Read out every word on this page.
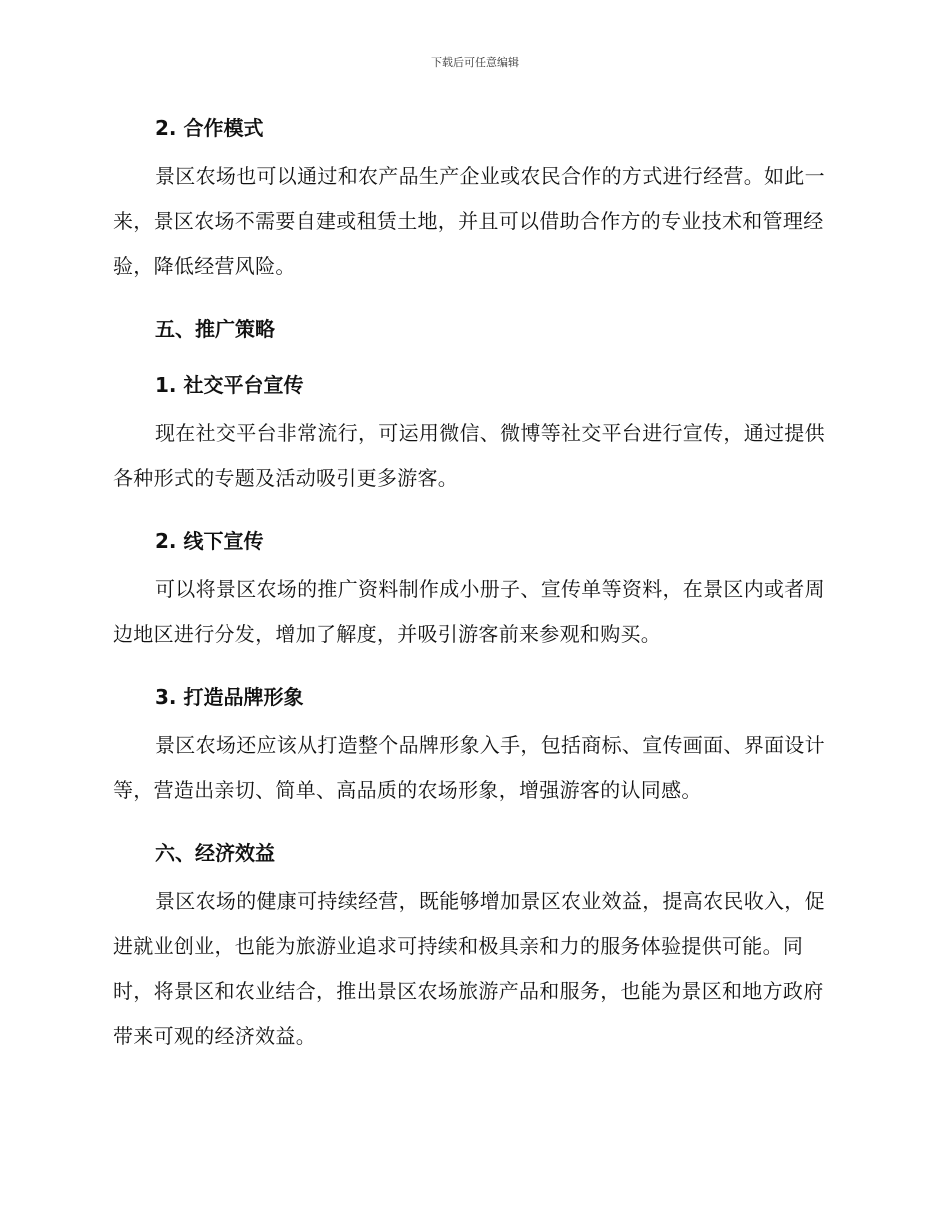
下载后可任意编辑
2. 合作模式

景区农场也可以通过和农产品生产企业或农民合作的方式进行经营。如此一来，景区农场不需要自建或租赁土地，并且可以借助合作方的专业技术和管理经验，降低经营风险。

五、推广策略
1. 社交平台宣传

现在社交平台非常流行，可运用微信、微博等社交平台进行宣传，通过提供各种形式的专题及活动吸引更多游客。

2. 线下宣传

可以将景区农场的推广资料制作成小册子、宣传单等资料，在景区内或者周边地区进行分发，增加了解度，并吸引游客前来参观和购买。

3. 打造品牌形象

景区农场还应该从打造整个品牌形象入手，包括商标、宣传画面、界面设计等，营造出亲切、简单、高品质的农场形象，增强游客的认同感。

六、经济效益

景区农场的健康可持续经营，既能够增加景区农业效益，提高农民收入，促进就业创业，也能为旅游业追求可持续和极具亲和力的服务体验提供可能。同时，将景区和农业结合，推出景区农场旅游产品和服务，也能为景区和地方政府带来可观的经济效益。
